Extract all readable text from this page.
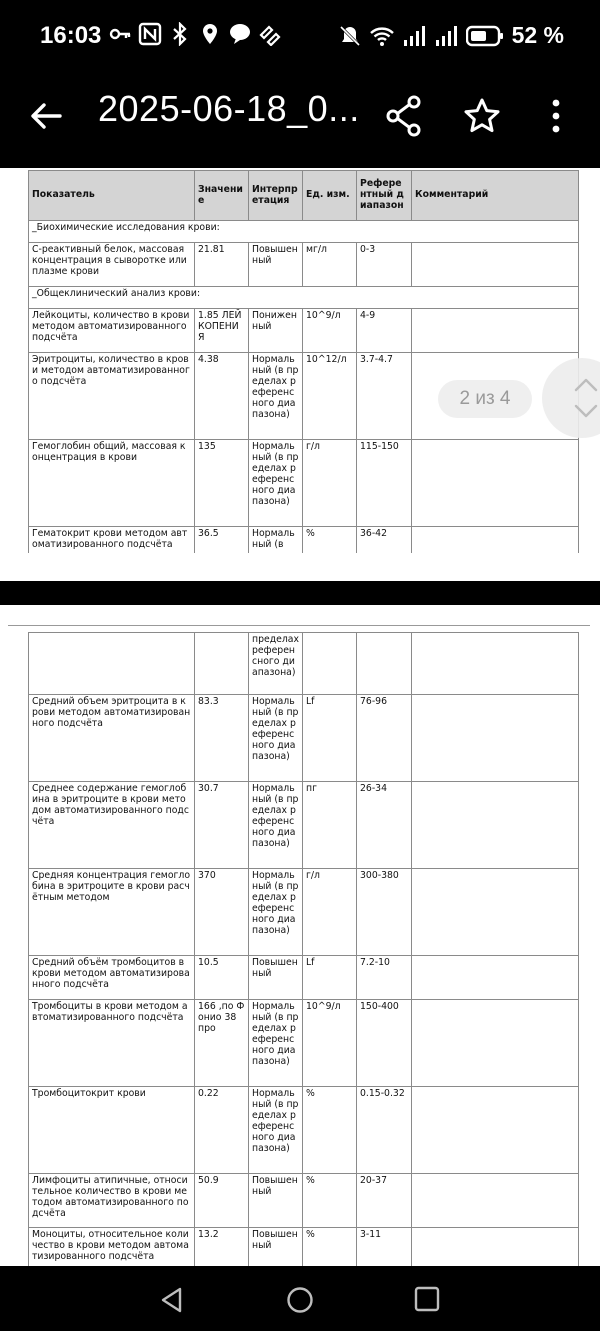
16:03	52 %
2025-06-18_0...
Показатель	Значение	Интерпретация	Ед. изм.	Референтный диапазон	Комментарий
_Биохимические исследования крови:					
С-реактивный белок, массовая концентрация в сыворотке или плазме крови	21.81	Повышенный	мг/л	0-3	
_Общеклинический анализ крови:					
Лейкоциты, количество в крови методом автоматизированного подсчёта	1.85 ЛЕЙКОПЕНИЯ	Пониженный	10^9/л	4-9	
Эритроциты, количество в крови методом автоматизированного подсчёта	4.38	Нормальный (в пределах референсного диапазона)	10^12/л	3.7-4.7	
Гемоглобин общий, массовая концентрация в крови	135	Нормальный (в пределах референсного диапазона)	г/л	115-150	
Гематокрит крови методом автоматизированного подсчёта	36.5	Нормальный (в	%	36-42	
		пределах референсного диапазона)			
Средний объем эритроцита в крови методом автоматизированного подсчёта	83.3	Нормальный (в пределах референсного диапазона)	Lf	76-96	
Среднее содержание гемоглобина в эритроците в крови методом автоматизированного подсчёта	30.7	Нормальный (в пределах референсного диапазона)	пг	26-34	
Средняя концентрация гемоглобина в эритроците в крови расчётным методом	370	Нормальный (в пределах референсного диапазона)	г/л	300-380	
Средний объём тромбоцитов в крови методом автоматизированного подсчёта	10.5	Повышенный	Lf	7.2-10	
Тромбоциты в крови методом автоматизированного подсчёта	166 ,по Фонио 38 про	Нормальный (в пределах референсного диапазона)	10^9/л	150-400	
Тромбоцитокрит крови	0.22	Нормальный (в пределах референсного диапазона)	%	0.15-0.32	
Лимфоциты атипичные, относительное количество в крови методом автоматизированного подсчёта	50.9	Повышенный	%	20-37	
Моноциты, относительное количество в крови методом автоматизированного подсчёта	13.2	Повышенный	%	3-11	
2 из 4
